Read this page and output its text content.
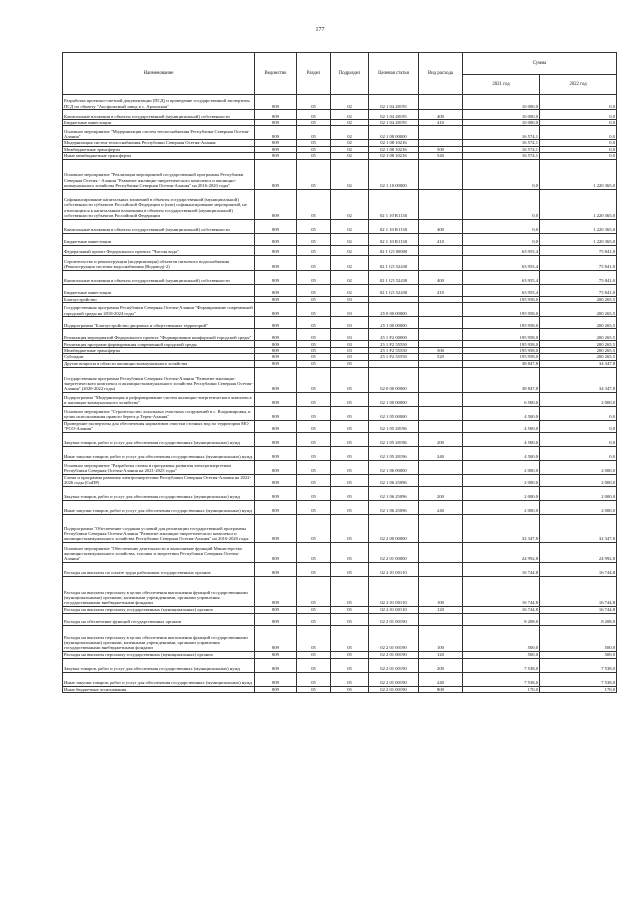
177
Наименование	Ведомство	Раздел	Подраздел	Целевая статья	Вид расхода	Сумма	
						2021 год	2022 год
Разработка проектно-сметной документации (ПСД) и проведение государственной экспертизы ПСД по объекту "Апсфальтный завод в с. Архонская"	809	05	02	02 1 04 28195		10 000,0	0,0
Капитальные вложения в объекты государственной (муниципальной) собственности	809	05	02	02 1 04 28195	400	10 000,0	0,0
Бюджетные инвестиции	809	05	02	02 1 04 28195	410	10 000,0	0,0
Основное мероприятие "Модернизация систем теплоснабжения Республики Северная Осетия-Алания"	809	05	02	02 1 08 00000		16 574,1	0,0
Модернизация систем теплоснабжения Республики Северная Осетия-Алания	809	05	02	02 1 08 10216		16 574,1	0,0
Межбюджетные трансферты	809	05	02	02 1 08 10216	500	16 574,1	0,0
Иные межбюджетные трансферты	809	05	02	02 1 08 10216	540	16 574,1	0,0
Основное мероприятие "Реализация мероприятий государственной программы Республики Северная Осетия - Алания "Развитие жилищно-энергетического комплекса и жилищно-коммунального хозяйства Республики Северная Осетия-Алания" на 2016-2020 годы"	809	05	02	02 1 10 00000		0,0	1 220 365,0
Софинансирование капитальных вложений в объекты государственной (муниципальной) собственности субъектов Российской Федерации и (или) софинансирование мероприятий, не относящихся к капитальным вложениям в объекты государственной (муниципальной) собственности субъектов Российской Федерации	809	05	02	02 1 10 R1130		0,0	1 220 365,0
Капитальные вложения в объекты государственной (муниципальной) собственности	809	05	02	02 1 10 R1130	400	0,0	1 220 365,0
Бюджетные инвестиции	809	05	02	02 1 10 R1130	410	0,0	1 220 365,0
Федеральный проект Федерального проекта "Чистая вода"	809	05	02	02 1 G5 00000		63 955,4	75 841,0
Строительство и реконструкция (модернизация) объектов питьевого водоснабжения (Реконструкция системы водоснабжения (Водовод)-2)	809	05	02	02 1 G5 52430		63 955,4	75 841,0
Капитальные вложения в объекты государственной (муниципальной) собственности	809	05	02	02 1 G5 52430	400	63 955,4	75 841,0
Бюджетные инвестиции	809	05	02	02 1 G5 52430	410	63 955,4	75 841,0
Благоустройство	809	05	03			195 958,0	200 265,5
Государственная программа Республики Северная Осетия-Алания "Формирование современной городской среды на 2018-2024 годы"	809	05	03	25 0 00 00000		195 958,0	200 265,5
Подпрограмма "Благоустройство дворовых и общественных территорий"	809	05	03	25 1 00 00000		195 958,0	200 265,5
Реализация мероприятий Федерального проекта "Формирование комфортной городской среды"	809	05	03	25 1 F2 00000		195 958,0	200 265,5
Реализация программ формирования современной городской среды	809	05	03	25 1 F2 55550		195 958,0	200 265,5
Межбюджетные трансферты	809	05	03	25 1 F2 55550	500	195 958,0	200 265,5
Субсидии	809	05	03	25 1 F2 55550	520	195 958,0	200 265,5
Другие вопросы в области жилищно-коммунального хозяйства	809	05	05			38 847,8	34 347,8
Государственная программа Республики Северная Осетия-Алания "Развитие жилищно-энергетического комплекса и жилищно-коммунального хозяйства Республики Северная Осетия-Алания" (2020-2022 годы)	809	05	05	02 0 00 00000		38 847,8	34 347,8
Подпрограмма "Модернизация и реформирование систем жилищно-энергетического комплекса и жилищно-коммунального хозяйства"	809	05	05	02 1 00 00000		6 500,0	2 000,0
Основное мероприятие "Строительство локальных очистных сооружений в с. Владимировка, в целях использования правого берега р.Терек-Алания"	809	05	05	02 1 05 00000		4 500,0	0,0
Проведение экспертизы для обеспечения нормативов очистки сточных вод по территории МО "РСО-Алания"	809	05	05	02 1 05 28196		4 500,0	0,0
Закупка товаров, работ и услуг для обеспечения государственных (муниципальных) нужд	809	05	05	02 1 05 28196	200	4 500,0	0,0
Иные закупки товаров, работ и услуг для обеспечения государственных (муниципальных) нужд	809	05	05	02 1 05 28196	240	4 500,0	0,0
Основное мероприятие "Разработка схемы и программы развития электроэнергетики Республики Северная Осетия-Алания на 2021-2025 годы"	809	05	05	02 1 06 00000		2 000,0	2 000,0
Схема и программа развития электроэнергетики Республики Северная Осетия-Алания на 2022-2026 годы (СиПР)	809	05	05	02 1 06 25096		2 000,0	2 000,0
Закупка товаров, работ и услуг для обеспечения государственных (муниципальных) нужд	809	05	05	02 1 06 25096	200	2 000,0	2 000,0
Иные закупки товаров, работ и услуг для обеспечения государственных (муниципальных) нужд	809	05	05	02 1 06 25096	240	2 000,0	2 000,0
Подпрограмма "Обеспечение создания условий для реализации государственной программы Республики Северная Осетия-Алания "Развитие жилищно-энергетического комплекса и жилищно-коммунального хозяйства Республики Северная Осетия-Алания" на 2016-2020 годы	809	05	05	02 2 00 00000		32 347,8	32 347,8
Основное мероприятие "Обеспечение деятельности и выполнение функций Министерства жилищно-коммунального хозяйства, топлива и энергетики Республики Северная Осетия-Алания"	809	05	05	02 2 01 00000		24 992,8	24 992,8
Расходы на выплаты по оплате труда работников государственных органов	809	05	05	02 2 01 00110		16 744,8	16 744,8
Расходы на выплаты персоналу в целях обеспечения выполнения функций государственными (муниципальными) органами, казенными учреждениями, органами управления государственными внебюджетными фондами	809	05	05	02 2 01 00110	100	16 744,8	16 744,8
Расходы на выплаты персоналу государственных (муниципальных) органов	809	05	05	02 2 01 00110	120	16 744,8	16 744,8
Расходы на обеспечение функций государственных органов	809	05	05	02 2 01 00190		8 208,0	8 208,0
Расходы на выплаты персоналу в целях обеспечения выполнения функций государственными (муниципальными) органами, казенными учреждениями, органами управления государственными внебюджетными фондами	809	05	05	02 2 01 00190	100	500,0	500,0
Расходы на выплаты персоналу государственных (муниципальных) органов	809	05	05	02 2 01 00190	120	500,0	500,0
Закупка товаров, работ и услуг для обеспечения государственных (муниципальных) нужд	809	05	05	02 2 01 00190	200	7 538,0	7 538,0
Иные закупки товаров, работ и услуг для обеспечения государственных (муниципальных) нужд	809	05	05	02 2 01 00190	240	7 538,0	7 538,0
Иные бюджетные ассигнования	809	05	05	02 2 01 00190	800	170,0	170,0
